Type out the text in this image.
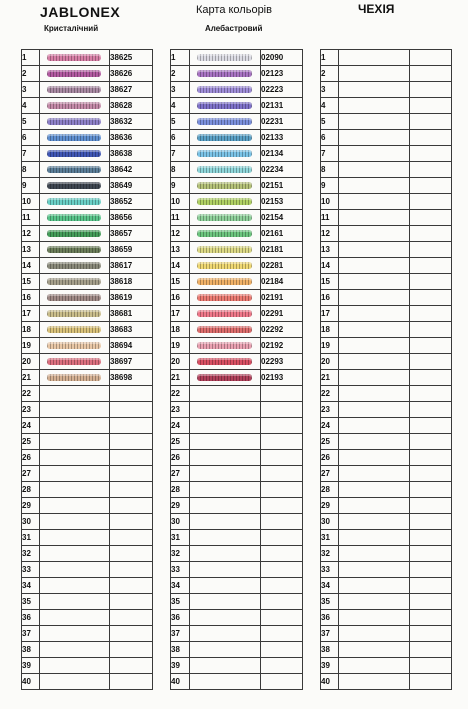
JABLONEX
Кристалічний
Карта кольорів
Алебастровий
ЧЕХІЯ
1		38625
2		38626
3		38627
4		38628
5		38632
6		38636
7		38638
8		38642
9		38649
10		38652
11		38656
12		38657
13		38659
14		38617
15		38618
16		38619
17		38681
18		38683
19		38694
20		38697
21		38698
22		
23		
24		
25		
26		
27		
28		
29		
30		
31		
32		
33		
34		
35		
36		
37		
38		
39		
40		
1		02090
2		02123
3		02223
4		02131
5		02231
6		02133
7		02134
8		02234
9		02151
10		02153
11		02154
12		02161
13		02181
14		02281
15		02184
16		02191
17		02291
18		02292
19		02192
20		02293
21		02193
22		
23		
24		
25		
26		
27		
28		
29		
30		
31		
32		
33		
34		
35		
36		
37		
38		
39		
40		
1		
2		
3		
4		
5		
6		
7		
8		
9		
10		
11		
12		
13		
14		
15		
16		
17		
18		
19		
20		
21		
22		
23		
24		
25		
26		
27		
28		
29		
30		
31		
32		
33		
34		
35		
36		
37		
38		
39		
40		
